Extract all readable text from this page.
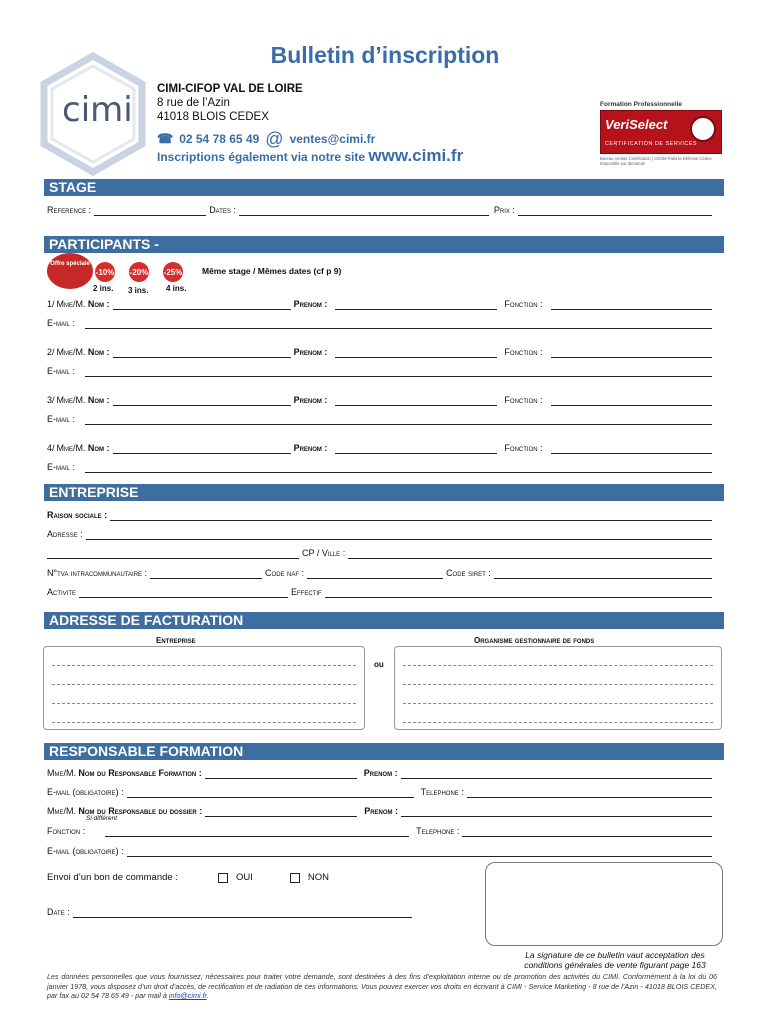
Bulletin d’inscription
cimi
CIMI-CIFOP VAL DE LOIRE
8 rue de l’Azin
41018 BLOIS CEDEX
☎ 02 54 78 65 49 @ ventes@cimi.fr
Inscriptions également via notre site www.cimi.fr
Formation Professionnelle
VeriSelect
CERTIFICATION DE SERVICES
Bureau Veritas Certification | OSSM Paris la Défense Cedex Disponible sur demande
STAGE
Reference :	Dates :	Prix :
PARTICIPANTS -
Offre spéciale
-10% -20% -25%
2 ins. 3 ins. 4 ins.
Même stage / Mêmes dates (cf p 9)
1/ Mme/M.
Nom :	Prenom :	Fonction :
E-mail :
2/ Mme/M.
Nom :	Prenom :	Fonction :
E-mail :
3/ Mme/M.
Nom :	Prenom :	Fonction :
E-mail :
4/ Mme/M.
Nom :	Prenom :	Fonction :
E-mail :
ENTREPRISE
Raison sociale :
Adresse :
CP / Ville :
N°tva intracommunautaire :	Code naf :	Code siret :
Activite	Effectif
ADRESSE DE FACTURATION
Entreprise	Organisme gestionnaire de fonds
ou
RESPONSABLE FORMATION
Mme/M.
Nom du Responsable Formation :	Prenom :
E-mail (obligatoire) :	Telephone :
Mme/M.
Nom du Responsable du dossier :	Prenom :
Si différent
Fonction :	Telephone :
E-mail (obligatoire) :
Envoi d’un bon de commande :	OUI	NON
Date :
La signature de ce bulletin vaut acceptation des conditions générales de vente figurant page 163
Les données personnelles que vous fournissez, nécessaires pour traiter votre demande, sont destinées à des fins d’exploitation interne ou de promotion des activités du CIMI. Conformément à la loi du 06 janvier 1978, vous disposez d’un droit d’accès, de rectification et de radiation de ces informations. Vous pouvez exercer vos droits en écrivant à CIMI - Service Marketing - 8 rue de l’Azin - 41018 BLOIS CEDEX, par fax au 02 54 78 65 49 - par mail à info@cimi.fr.
